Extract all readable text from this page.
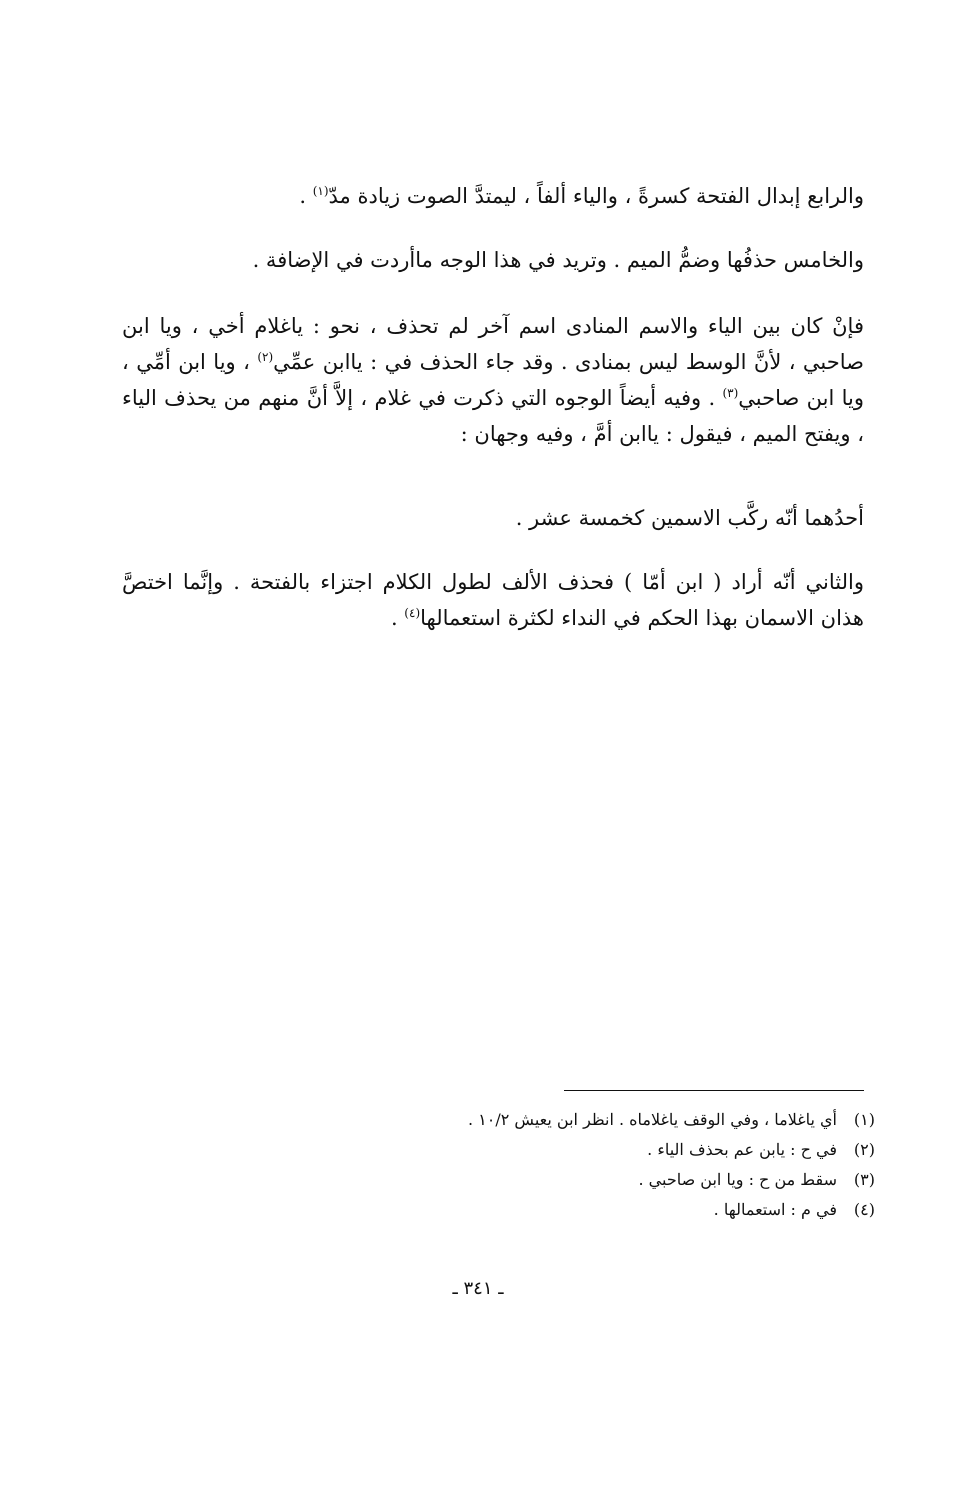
والرابع إبدال الفتحة كسرةً ، والياء ألفاً ، ليمتدَّ الصوت زيادة مدّ$^{(١)}$ .

والخامس حذفُها وضمُّ الميم . وتريد في هذا الوجه ماأردت في الإضافة .

فإنْ كان بين الياء والاسم المنادى اسم آخر لم تحذف ، نحو : ياغلام أخي ، ويا ابن صاحبي ، لأنَّ الوسط ليس بمنادى . وقد جاء الحذف في : ياابن عمِّي$^{(٢)}$ ، ويا ابن أمِّي ، ويا ابن صاحبي$^{(٣)}$ . وفيه أيضاً الوجوه التي ذكرت في غلام ، إلاَّ أنَّ منهم من يحذف الياء ، ويفتح الميم ، فيقول : ياابن أمَّ ، وفيه وجهان :

أحدُهما أنّه ركَّب الاسمين كخمسة عشر .

والثاني أنّه أراد ( ابن أمّا ) فحذف الألف لطول الكلام اجتزاء بالفتحة . وإنَّما اختصَّ هذان الاسمان بهذا الحكم في النداء لكثرة استعمالها$^{(٤)}$ .

(١)
أي ياغلاما ، وفي الوقف ياغلاماه . انظر ابن يعيش ١٠/٢ .
(٢)
في ح : يابن عم بحذف الياء .
(٣)
سقط من ح : ويا ابن صاحبي .
(٤)
في م : استعمالها .
ـ ٣٤١ ـ
